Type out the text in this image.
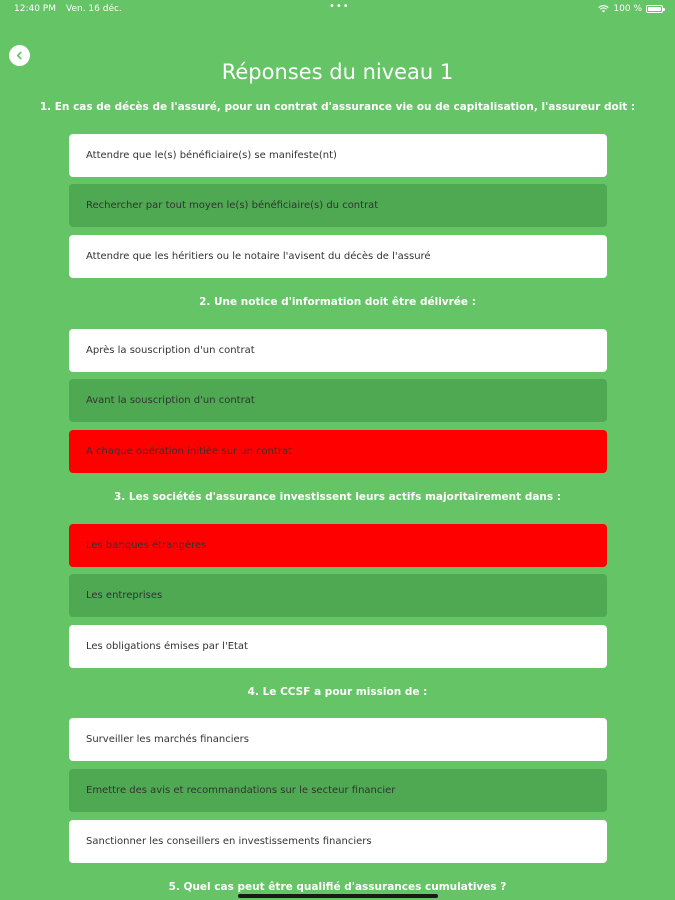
12:40 PM Ven. 16 déc.	•••	100 %
Réponses du niveau 1
1. En cas de décès de l'assuré, pour un contrat d'assurance vie ou de capitalisation, l'assureur doit :
Attendre que le(s) bénéficiaire(s) se manifeste(nt)
Rechercher par tout moyen le(s) bénéficiaire(s) du contrat
Attendre que les héritiers ou le notaire l'avisent du décès de l'assuré
2. Une notice d'information doit être délivrée :
Après la souscription d'un contrat
Avant la souscription d'un contrat
A chaque opération initiée sur un contrat
3. Les sociétés d'assurance investissent leurs actifs majoritairement dans :
Les banques étrangères
Les entreprises
Les obligations émises par l'Etat
4. Le CCSF a pour mission de :
Surveiller les marchés financiers
Emettre des avis et recommandations sur le secteur financier
Sanctionner les conseillers en investissements financiers
5. Quel cas peut être qualifié d'assurances cumulatives ?
